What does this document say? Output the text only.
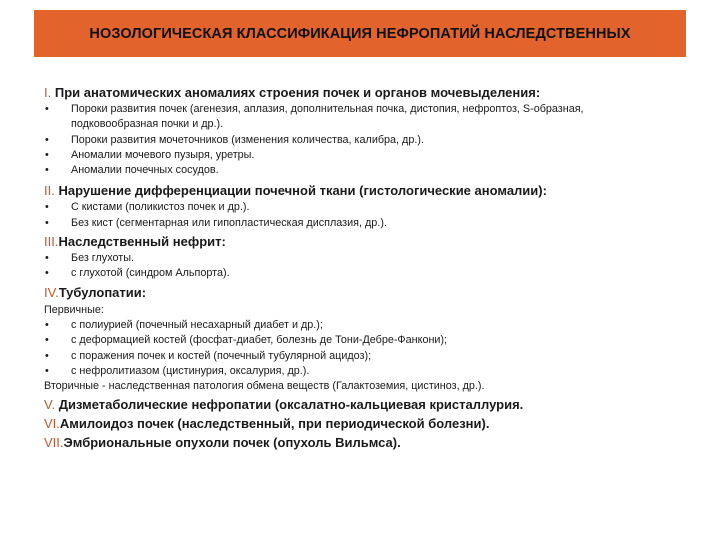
НОЗОЛОГИЧЕСКАЯ КЛАССИФИКАЦИЯ НЕФРОПАТИЙ НАСЛЕДСТВЕННЫХ

I. При анатомических аномалиях строения почек и органов мочевыделения:

• Пороки развития почек (агенезия, аплазия, дополнительная почка, дистопия, нефроптоз, S-образная, подковообразная почки и др.).
• Пороки развития мочеточников (изменения количества, калибра, др.).
• Аномалии мочевого пузыря, уретры.
• Аномалии почечных сосудов.

II. Нарушение дифференциации почечной ткани (гистологические аномалии):

• С кистами (поликистоз почек и др.).
• Без кист (сегментарная или гипопластическая дисплазия, др.).

III.Наследственный нефрит:

• Без глухоты.
• с глухотой (синдром Альпорта).

IV.Тубулопатии:

Первичные:

• с полиурией (почечный несахарный диабет и др.);
• с деформацией костей (фосфат-диабет, болезнь де Тони-Дебре-Фанкони);
• с поражения почек и костей (почечный тубулярной ацидоз);
• с нефролитиазом (цистинурия, оксалурия, др.).

Вторичные - наследственная патология обмена веществ (Галактоземия, цистиноз, др.).

V. Дизметаболические нефропатии (оксалатно-кальциевая кристаллурия.

VI.Амилоидоз почек (наследственный, при периодической болезни).

VII.Эмбриональные опухоли почек (опухоль Вильмса).
